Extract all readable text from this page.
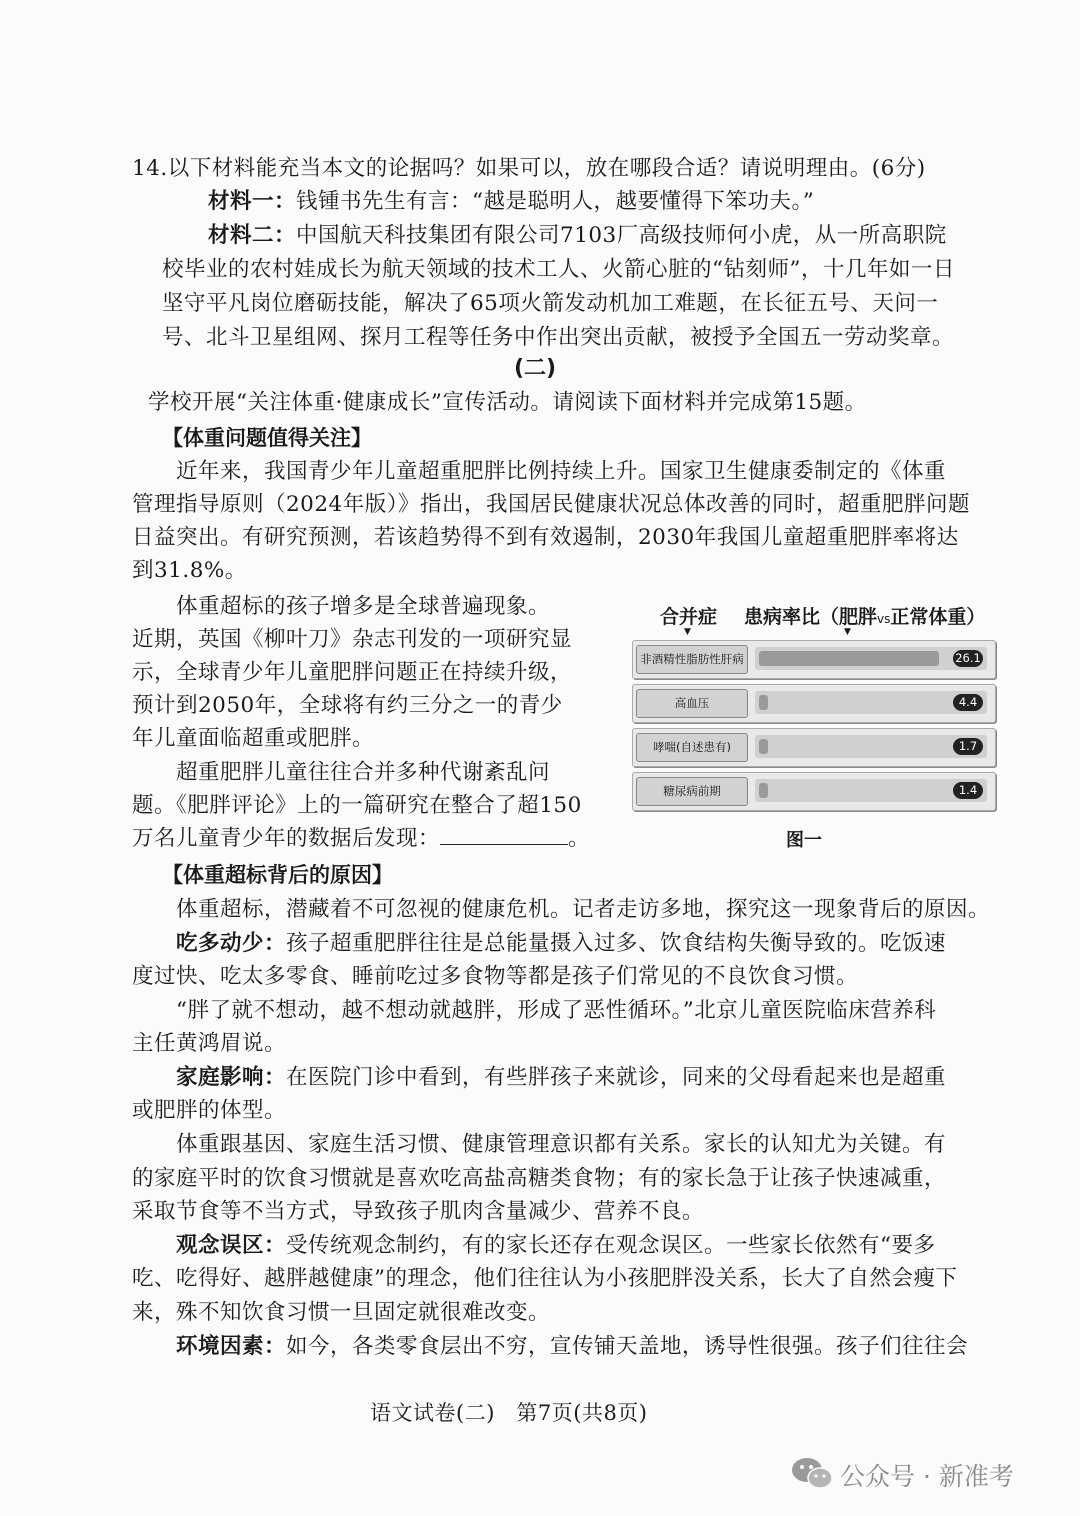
14.以下材料能充当本文的论据吗？如果可以，放在哪段合适？请说明理由。(6分)
材料一：钱锺书先生有言：“越是聪明人，越要懂得下笨功夫。”
材料二：中国航天科技集团有限公司7103厂高级技师何小虎，从一所高职院
校毕业的农村娃成长为航天领域的技术工人、火箭心脏的“钻刻师”，十几年如一日
坚守平凡岗位磨砺技能，解决了65项火箭发动机加工难题，在长征五号、天问一
号、北斗卫星组网、探月工程等任务中作出突出贡献，被授予全国五一劳动奖章。
(二)
学校开展“关注体重·健康成长”宣传活动。请阅读下面材料并完成第15题。
【体重问题值得关注】
近年来，我国青少年儿童超重肥胖比例持续上升。国家卫生健康委制定的《体重
管理指导原则（2024年版）》指出，我国居民健康状况总体改善的同时，超重肥胖问题
日益突出。有研究预测，若该趋势得不到有效遏制，2030年我国儿童超重肥胖率将达
到31.8%。
体重超标的孩子增多是全球普遍现象。
近期，英国《柳叶刀》杂志刊发的一项研究显
示，全球青少年儿童肥胖问题正在持续升级，
预计到2050年，全球将有约三分之一的青少
年儿童面临超重或肥胖。
超重肥胖儿童往往合并多种代谢紊乱问
题。《肥胖评论》上的一篇研究在整合了超150
万名儿童青少年的数据后发现：	。
合并症 患病率比（肥胖vs正常体重）
▼	▼
非酒精性脂肪性肝病	26.1
高血压	4.4
哮喘(自述患有)	1.7
糖尿病前期	1.4
图一
【体重超标背后的原因】
体重超标，潜藏着不可忽视的健康危机。记者走访多地，探究这一现象背后的原因。
吃多动少：孩子超重肥胖往往是总能量摄入过多、饮食结构失衡导致的。吃饭速
度过快、吃太多零食、睡前吃过多食物等都是孩子们常见的不良饮食习惯。
“胖了就不想动，越不想动就越胖，形成了恶性循环。”北京儿童医院临床营养科
主任黄鸿眉说。
家庭影响：在医院门诊中看到，有些胖孩子来就诊，同来的父母看起来也是超重
或肥胖的体型。
体重跟基因、家庭生活习惯、健康管理意识都有关系。家长的认知尤为关键。有
的家庭平时的饮食习惯就是喜欢吃高盐高糖类食物；有的家长急于让孩子快速减重，
采取节食等不当方式，导致孩子肌肉含量减少、营养不良。
观念误区：受传统观念制约，有的家长还存在观念误区。一些家长依然有“要多
吃、吃得好、越胖越健康”的理念，他们往往认为小孩肥胖没关系，长大了自然会瘦下
来，殊不知饮食习惯一旦固定就很难改变。
环境因素：如今，各类零食层出不穷，宣传铺天盖地，诱导性很强。孩子们往往会
语文试卷(二)　第7页(共8页)
公众号 · 新准考
